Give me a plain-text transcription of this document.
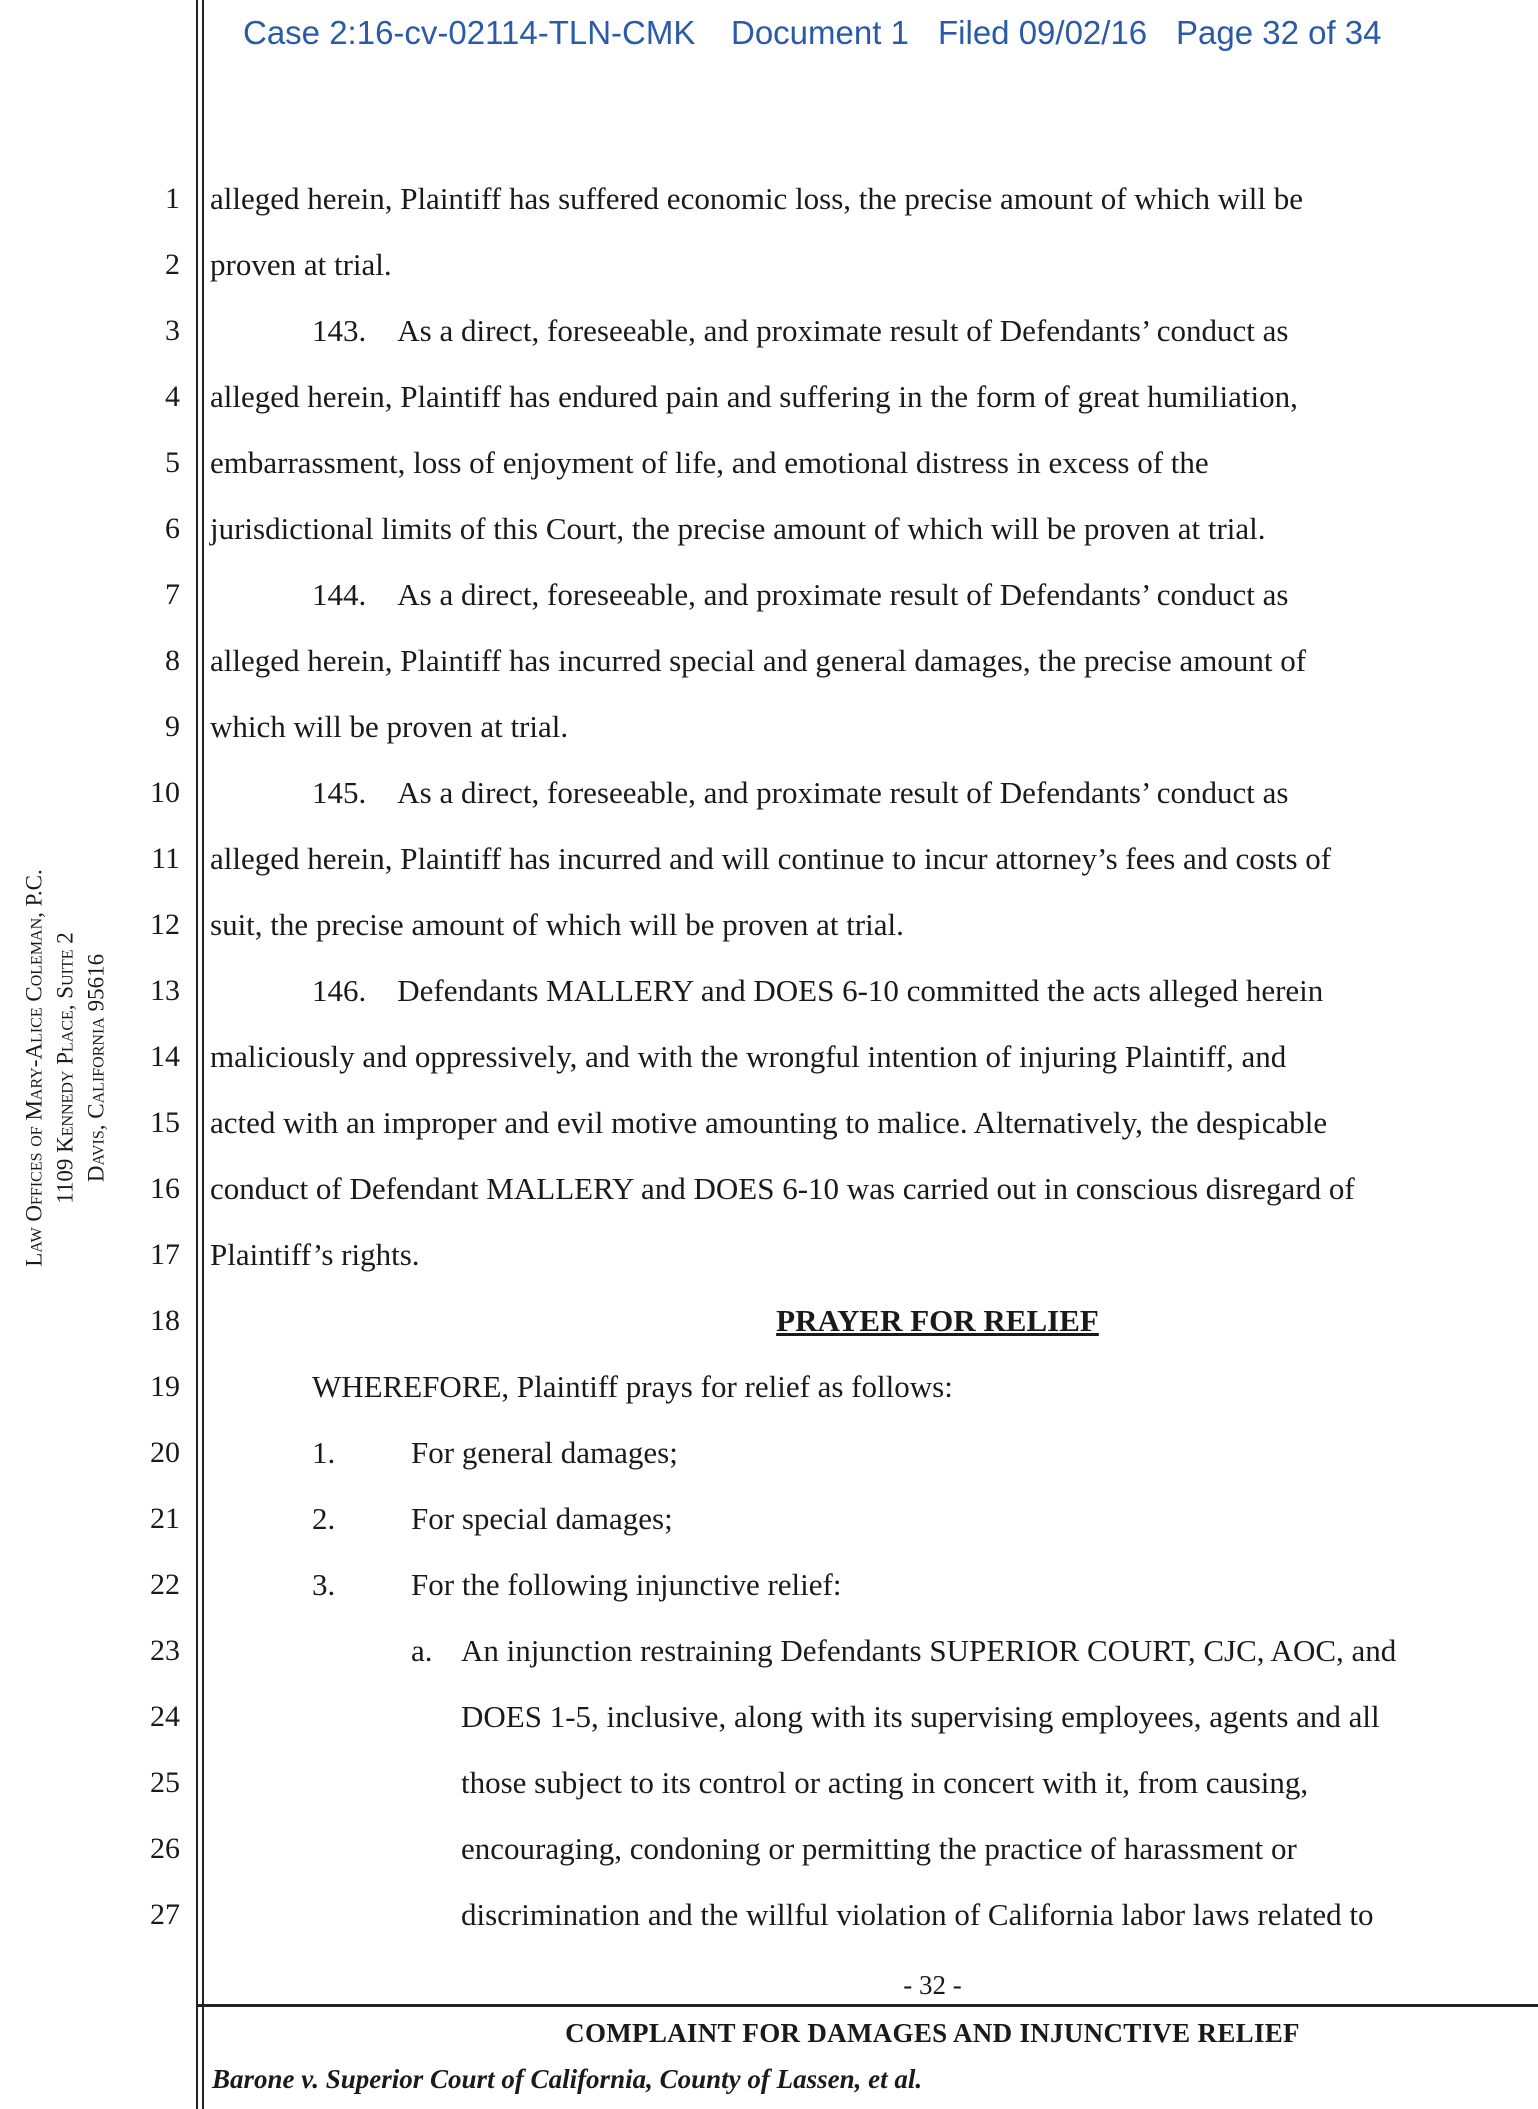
Case 2:16-cv-02114-TLN-CMK Document 1 Filed 09/02/16 Page 32 of 34
Law Offices of Mary-Alice Coleman, P.C. 1109 Kennedy Place, Suite 2 Davis, California 95616
1
2
3
4
5
6
7
8
9
10
11
12
13
14
15
16
17
18
19
20
21
22
23
24
25
26
27
alleged herein, Plaintiff has suffered economic loss, the precise amount of which will be
proven at trial.
143. As a direct, foreseeable, and proximate result of Defendants’ conduct as
alleged herein, Plaintiff has endured pain and suffering in the form of great humiliation,
embarrassment, loss of enjoyment of life, and emotional distress in excess of the
jurisdictional limits of this Court, the precise amount of which will be proven at trial.
144. As a direct, foreseeable, and proximate result of Defendants’ conduct as
alleged herein, Plaintiff has incurred special and general damages, the precise amount of
which will be proven at trial.
145. As a direct, foreseeable, and proximate result of Defendants’ conduct as
alleged herein, Plaintiff has incurred and will continue to incur attorney’s fees and costs of
suit, the precise amount of which will be proven at trial.
146. Defendants MALLERY and DOES 6-10 committed the acts alleged herein
maliciously and oppressively, and with the wrongful intention of injuring Plaintiff, and
acted with an improper and evil motive amounting to malice. Alternatively, the despicable
conduct of Defendant MALLERY and DOES 6-10 was carried out in conscious disregard of
Plaintiff’s rights.
PRAYER FOR RELIEF
WHEREFORE, Plaintiff prays for relief as follows:
1.	For general damages;
2.	For special damages;
3.	For the following injunctive relief:
a. An injunction restraining Defendants SUPERIOR COURT, CJC, AOC, and
DOES 1-5, inclusive, along with its supervising employees, agents and all
those subject to its control or acting in concert with it, from causing,
encouraging, condoning or permitting the practice of harassment or
discrimination and the willful violation of California labor laws related to
- 32 -
COMPLAINT FOR DAMAGES AND INJUNCTIVE RELIEF
Barone v. Superior Court of California, County of Lassen, et al.
